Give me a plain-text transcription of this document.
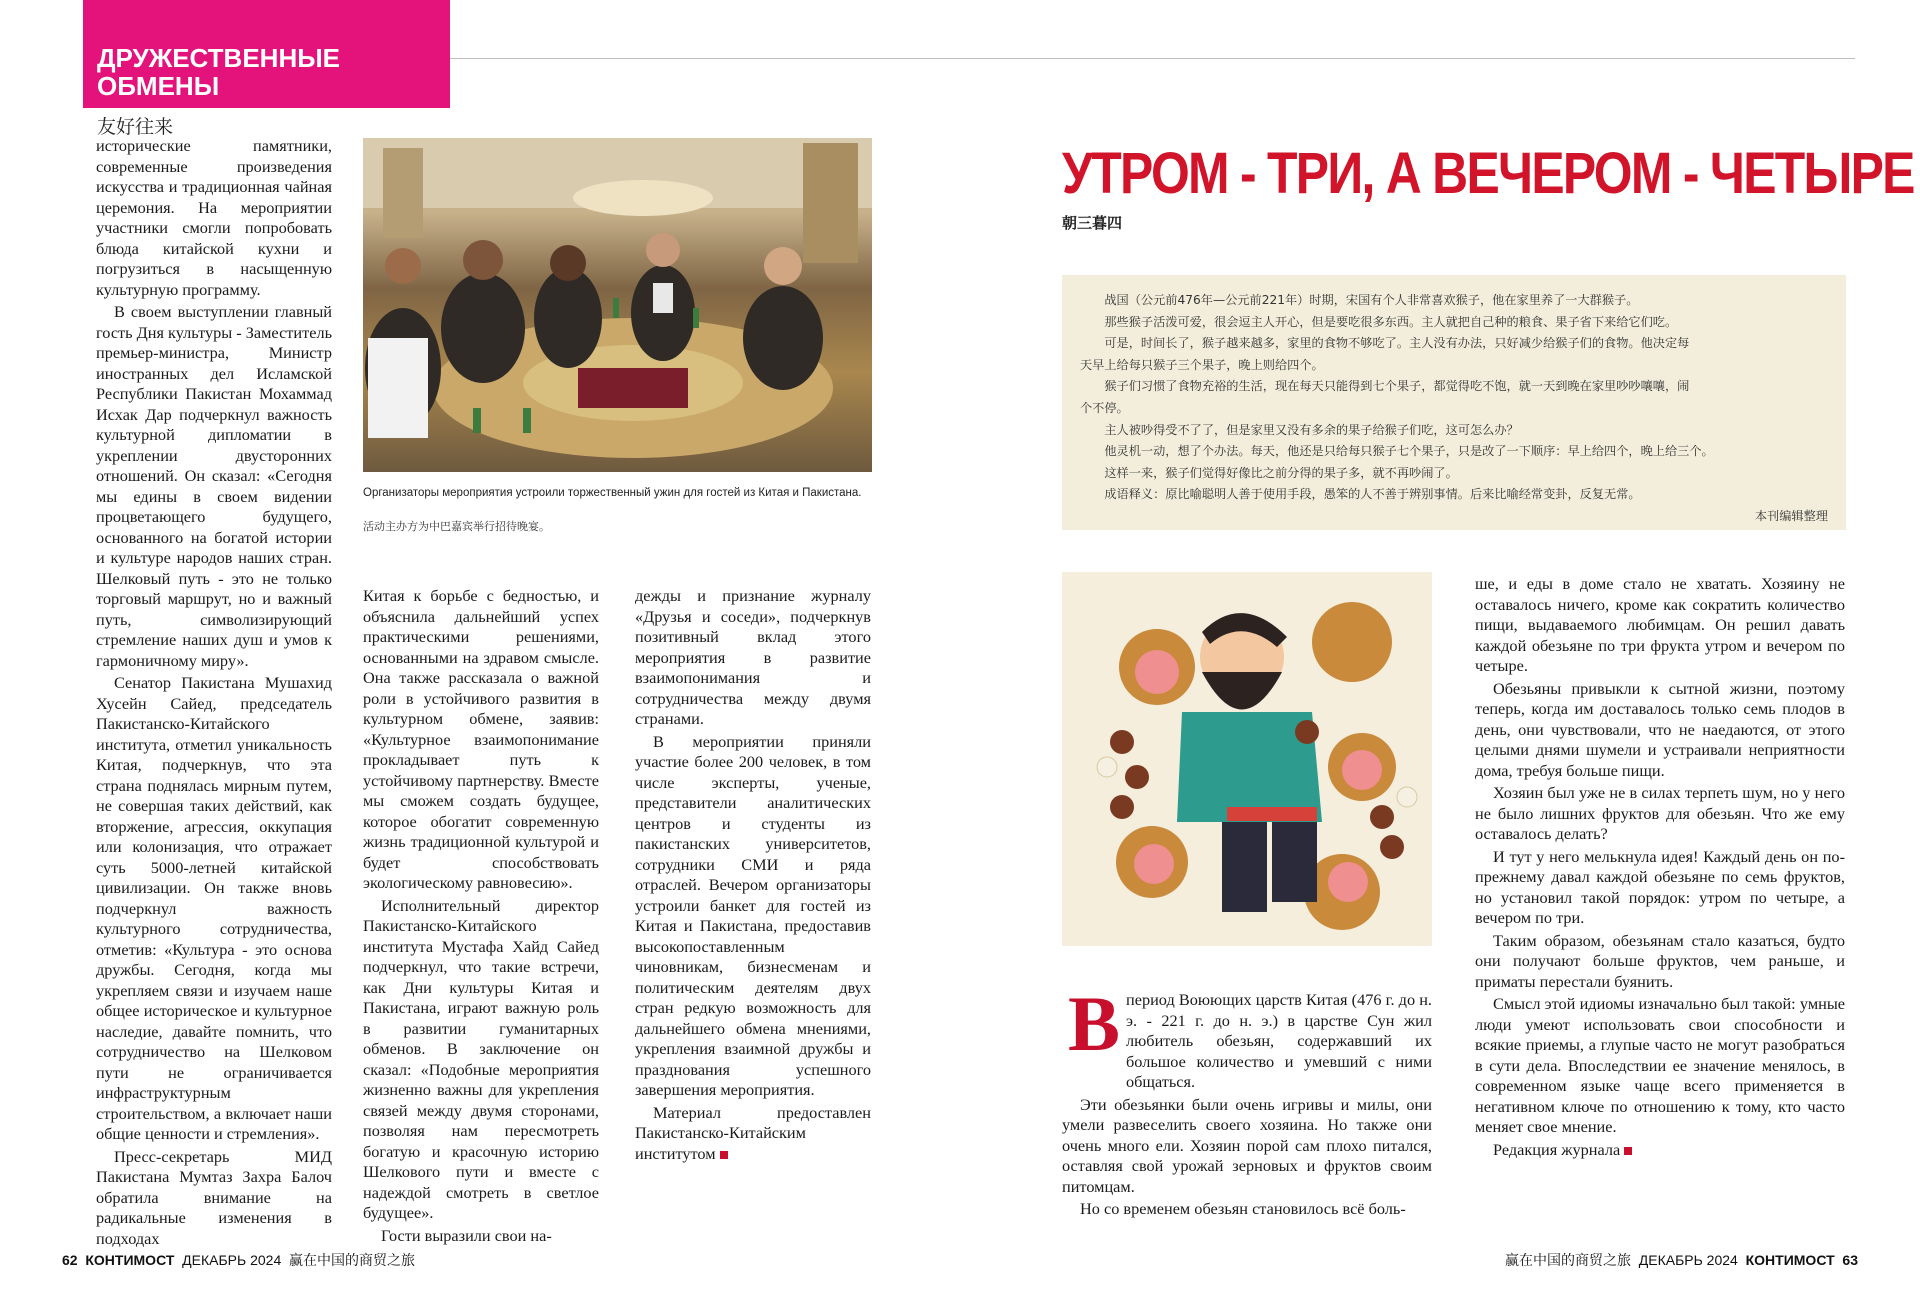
ДРУЖЕСТВЕННЫЕ
ОБМЕНЫ
友好往来

исторические памятники, современные произведения искусства и традиционная чайная церемония. На мероприятии участники смогли попробовать блюда китайской кухни и погрузиться в насыщенную культурную программу.

В своем выступлении главный гость Дня культуры - Заместитель премьер-министра, Министр иностранных дел Исламской Республики Пакистан Мохаммад Исхак Дар подчеркнул важность культурной дипломатии в укреплении двусторонних отношений. Он сказал: «Сегодня мы едины в своем видении процветающего будущего, основанного на богатой истории и культуре народов наших стран. Шелковый путь - это не только торговый маршрут, но и важный путь, символизирующий стремление наших душ и умов к гармоничному миру».

Сенатор Пакистана Мушахид Хусейн Сайед, председатель Пакистанско-Китайского института, отметил уникальность Китая, подчеркнув, что эта страна поднялась мирным путем, не совершая таких действий, как вторжение, агрессия, оккупация или колонизация, что отражает суть 5000-летней китайской цивилизации. Он также вновь подчеркнул важность культурного сотрудничества, отметив: «Культура - это основа дружбы. Сегодня, когда мы укрепляем связи и изучаем наше общее историческое и культурное наследие, давайте помнить, что сотрудничество на Шелковом пути не ограничивается инфраструктурным строительством, а включает наши общие ценности и стремления».

Пресс-секретарь МИД Пакистана Мумтаз Захра Балоч обратила внимание на радикальные изменения в подходах

Организаторы мероприятия устроили торжественный ужин для гостей из Китая и Пакистана.
活动主办方为中巴嘉宾举行招待晚宴。

Китая к борьбе с бедностью, и объяснила дальнейший успех практическими решениями, основанными на здравом смысле. Она также рассказала о важной роли в устойчивого развития в культурном обмене, заявив: «Культурное взаимопонимание прокладывает путь к устойчивому партнерству. Вместе мы сможем создать будущее, которое обогатит современную жизнь традиционной культурой и будет способствовать экологическому равновесию».

Исполнительный директор Пакистанско-Китайского института Мустафа Хайд Сайед подчеркнул, что такие встречи, как Дни культуры Китая и Пакистана, играют важную роль в развитии гуманитарных обменов. В заключение он сказал: «Подобные мероприятия жизненно важны для укрепления связей между двумя сторонами, позволяя нам пересмотреть богатую и красочную историю Шелкового пути и вместе с надеждой смотреть в светлое будущее».

Гости выразили свои на-

дежды и признание журналу «Друзья и соседи», подчеркнув позитивный вклад этого мероприятия в развитие взаимопонимания и сотрудничества между двумя странами.

В мероприятии приняли участие более 200 человек, в том числе эксперты, ученые, представители аналитических центров и студенты из пакистанских университетов, сотрудники СМИ и ряда отраслей. Вечером организаторы устроили банкет для гостей из Китая и Пакистана, предоставив высокопоставленным чиновникам, бизнесменам и политическим деятелям двух стран редкую возможность для дальнейшего обмена мнениями, укрепления взаимной дружбы и празднования успешного завершения мероприятия.

Материал предоставлен Пакистанско-Китайским институтом

УТРОМ - ТРИ, А ВЕЧЕРОМ - ЧЕТЫРЕ
朝三暮四
　　战国（公元前476年—公元前221年）时期，宋国有个人非常喜欢猴子，他在家里养了一大群猴子。
　　那些猴子活泼可爱，很会逗主人开心，但是要吃很多东西。主人就把自己种的粮食、果子省下来给它们吃。
　　可是，时间长了，猴子越来越多，家里的食物不够吃了。主人没有办法，只好减少给猴子们的食物。他决定每
天早上给每只猴子三个果子，晚上则给四个。
　　猴子们习惯了食物充裕的生活，现在每天只能得到七个果子，都觉得吃不饱，就一天到晚在家里吵吵嚷嚷，闹
个不停。
　　主人被吵得受不了了，但是家里又没有多余的果子给猴子们吃，这可怎么办？
　　他灵机一动，想了个办法。每天，他还是只给每只猴子七个果子，只是改了一下顺序：早上给四个，晚上给三个。
　　这样一来，猴子们觉得好像比之前分得的果子多，就不再吵闹了。
　　成语释义：原比喻聪明人善于使用手段，愚笨的人不善于辨别事情。后来比喻经常变卦，反复无常。
本刊编辑整理
В период Воюющих царств Китая (476 г. до н. э. - 221 г. до н. э.) в царстве Сун жил любитель обезьян, содержавший их большое количество и умевший с ними общаться.

Эти обезьянки были очень игривы и милы, они умели развеселить своего хозяина. Но также они очень много ели. Хозяин порой сам плохо питался, оставляя свой урожай зерновых и фруктов своим питомцам.

Но со временем обезьян становилось всё боль-

ше, и еды в доме стало не хватать. Хозяину не оставалось ничего, кроме как сократить количество пищи, выдаваемого любимцам. Он решил давать каждой обезьяне по три фрукта утром и вечером по четыре.

Обезьяны привыкли к сытной жизни, поэтому теперь, когда им доставалось только семь плодов в день, они чувствовали, что не наедаются, от этого целыми днями шумели и устраивали неприятности дома, требуя больше пищи.

Хозяин был уже не в силах терпеть шум, но у него не было лишних фруктов для обезьян. Что же ему оставалось делать?

И тут у него мелькнула идея! Каждый день он по-прежнему давал каждой обезьяне по семь фруктов, но установил такой порядок: утром по четыре, а вечером по три.

Таким образом, обезьянам стало казаться, будто они получают больше фруктов, чем раньше, и приматы перестали буянить.

Смысл этой идиомы изначально был такой: умные люди умеют использовать свои способности и всякие приемы, а глупые часто не могут разобраться в сути дела. Впоследствии ее значение менялось, в современном языке чаще всего применяется в негативном ключе по отношению к тому, кто часто меняет свое мнение.

Редакция журнала

62 КОНТИМОСТ ДЕКАБРЬ 2024 赢在中国的商贸之旅	赢在中国的商贸之旅 ДЕКАБРЬ 2024 КОНТИМОСТ 63
